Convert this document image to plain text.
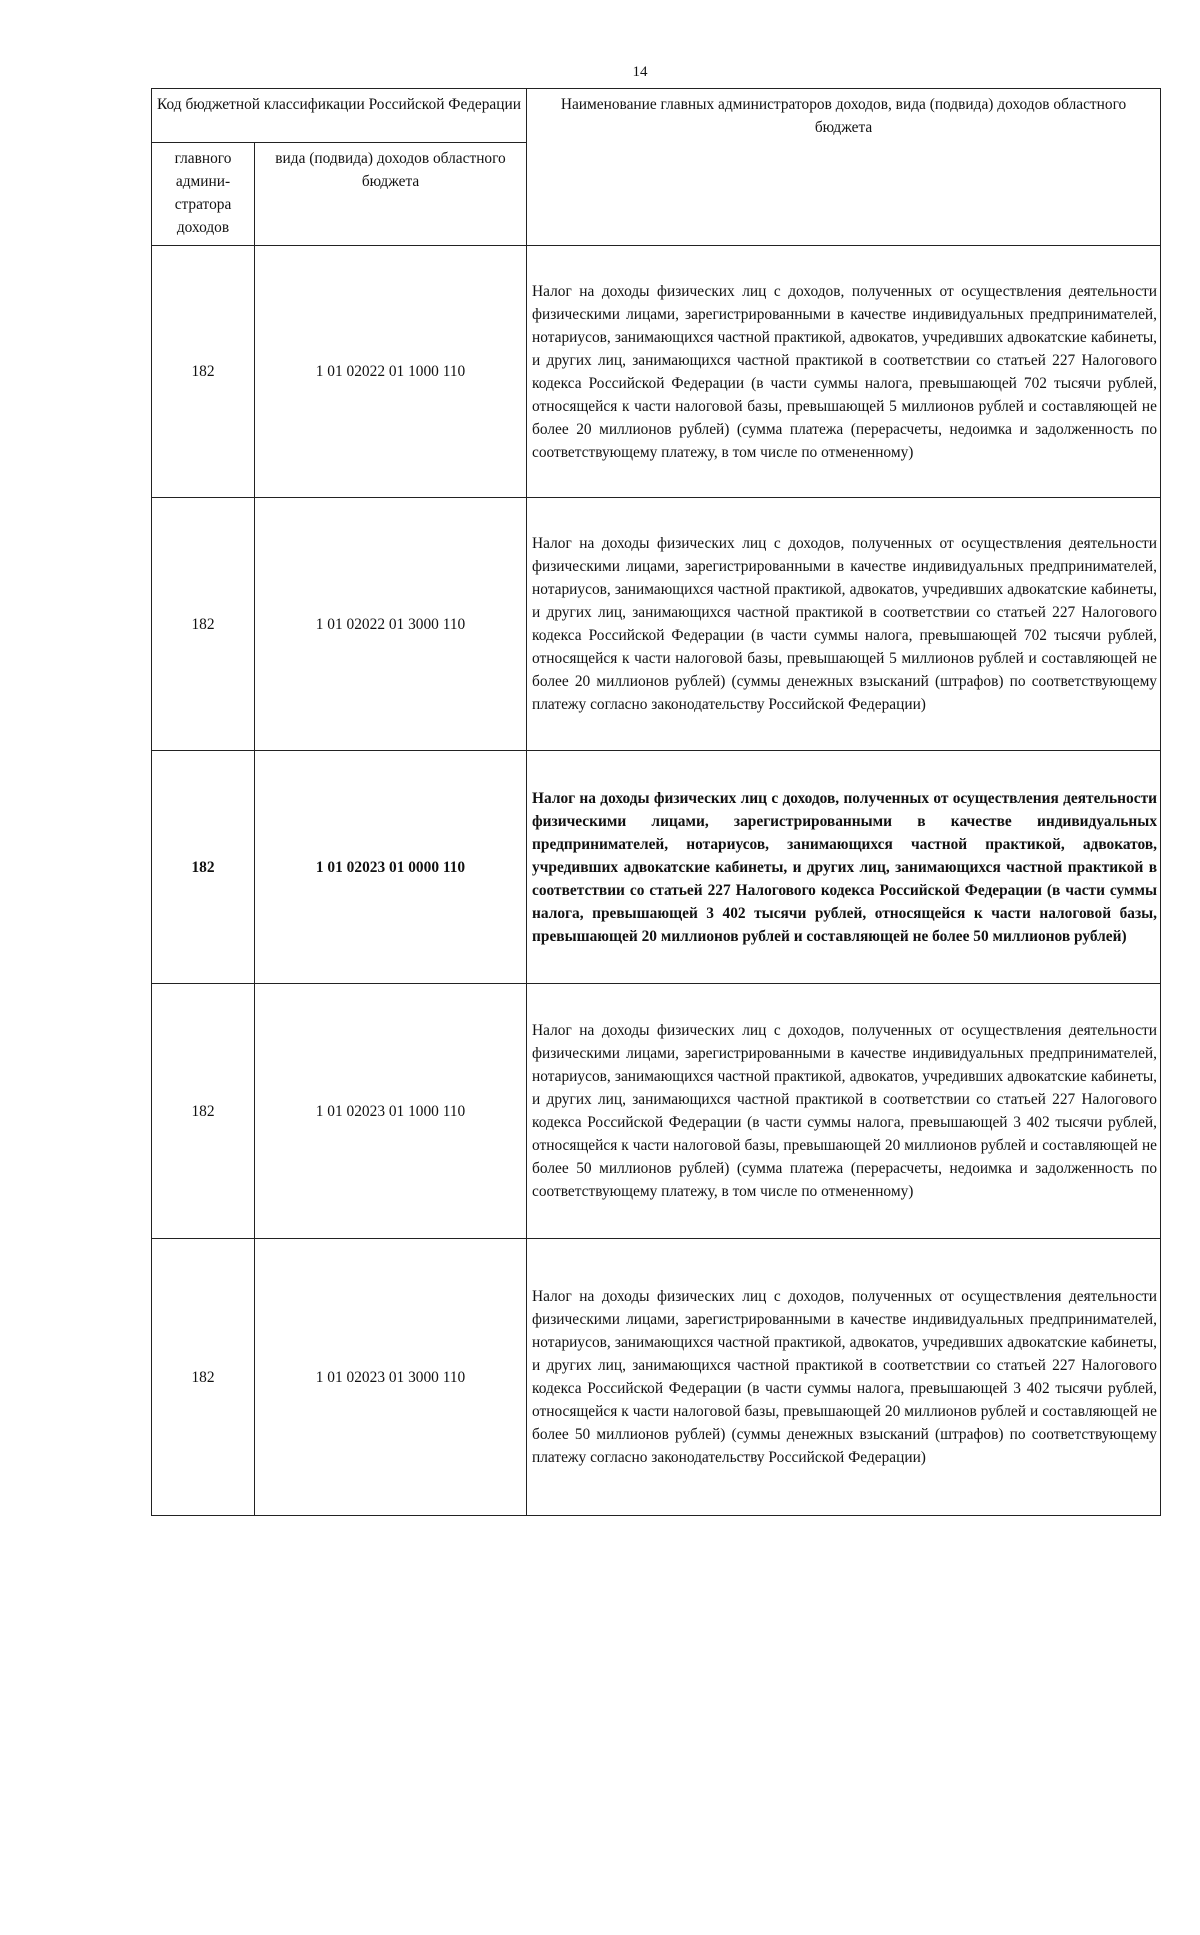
14
Код бюджетной классификации Российской Федерации		Наименование главных администраторов доходов, вида (подвида) доходов областного бюджета
главного админи-стратора доходов	вида (подвида) доходов областного бюджета	
182	1 01 02022 01 1000 110	Налог на доходы физических лиц с доходов, полученных от осуществления деятельности физическими лицами, зарегистрированными в качестве индивидуальных предпринимателей, нотариусов, занимающихся частной практикой, адвокатов, учредивших адвокатские кабинеты, и других лиц, занимающихся частной практикой в соответствии со статьей 227 Налогового кодекса Российской Федерации (в части суммы налога, превышающей 702 тысячи рублей, относящейся к части налоговой базы, превышающей 5 миллионов рублей и составляющей не более 20 миллионов рублей) (сумма платежа (перерасчеты, недоимка и задолженность по соответствующему платежу, в том числе по отмененному)

182	1 01 02022 01 3000 110	Налог на доходы физических лиц с доходов, полученных от осуществления деятельности физическими лицами, зарегистрированными в качестве индивидуальных предпринимателей, нотариусов, занимающихся частной практикой, адвокатов, учредивших адвокатские кабинеты, и других лиц, занимающихся частной практикой в соответствии со статьей 227 Налогового кодекса Российской Федерации (в части суммы налога, превышающей 702 тысячи рублей, относящейся к части налоговой базы, превышающей 5 миллионов рублей и составляющей не более 20 миллионов рублей) (суммы денежных взысканий (штрафов) по соответствующему платежу согласно законодательству Российской Федерации)

182	1 01 02023 01 0000 110	Налог на доходы физических лиц с доходов, полученных от осуществления деятельности физическими лицами, зарегистрированными в качестве индивидуальных предпринимателей, нотариусов, занимающихся частной практикой, адвокатов, учредивших адвокатские кабинеты, и других лиц, занимающихся частной практикой в соответствии со статьей 227 Налогового кодекса Российской Федерации (в части суммы налога, превышающей 3 402 тысячи рублей, относящейся к части налоговой базы, превышающей 20 миллионов рублей и составляющей не более 50 миллионов рублей)

182	1 01 02023 01 1000 110	Налог на доходы физических лиц с доходов, полученных от осуществления деятельности физическими лицами, зарегистрированными в качестве индивидуальных предпринимателей, нотариусов, занимающихся частной практикой, адвокатов, учредивших адвокатские кабинеты, и других лиц, занимающихся частной практикой в соответствии со статьей 227 Налогового кодекса Российской Федерации (в части суммы налога, превышающей 3 402 тысячи рублей, относящейся к части налоговой базы, превышающей 20 миллионов рублей и составляющей не более 50 миллионов рублей) (сумма платежа (перерасчеты, недоимка и задолженность по соответствующему платежу, в том числе по отмененному)

182	1 01 02023 01 3000 110	Налог на доходы физических лиц с доходов, полученных от осуществления деятельности физическими лицами, зарегистрированными в качестве индивидуальных предпринимателей, нотариусов, занимающихся частной практикой, адвокатов, учредивших адвокатские кабинеты, и других лиц, занимающихся частной практикой в соответствии со статьей 227 Налогового кодекса Российской Федерации (в части суммы налога, превышающей 3 402 тысячи рублей, относящейся к части налоговой базы, превышающей 20 миллионов рублей и составляющей не более 50 миллионов рублей) (суммы денежных взысканий (штрафов) по соответствующему платежу согласно законодательству Российской Федерации)
